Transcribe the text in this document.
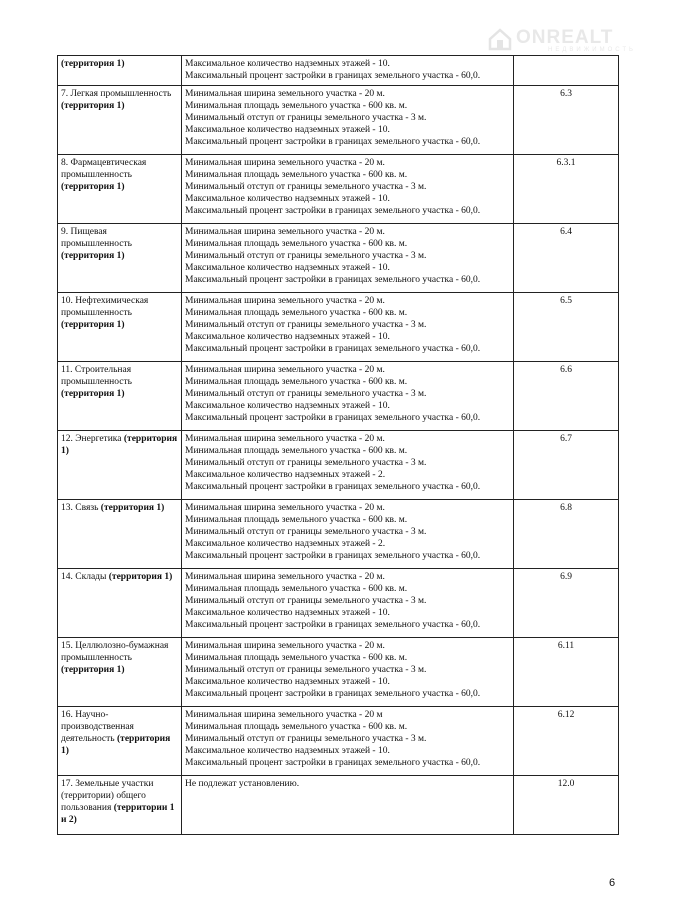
ONREALT
НЕДВИЖИМОСТЬ
(территория 1)	Максимальное количество надземных этажей - 10.
Максимальный процент застройки в границах земельного участка - 60,0.	

7. Легкая промышленность (территория 1)	Минимальная ширина земельного участка - 20 м.
Минимальная площадь земельного участка - 600 кв. м.
Минимальный отступ от границы земельного участка - 3 м.
Максимальное количество надземных этажей - 10.
Максимальный процент застройки в границах земельного участка - 60,0.	6.3
8. Фармацевтическая промышленность (территория 1)	Минимальная ширина земельного участка - 20 м.
Минимальная площадь земельного участка - 600 кв. м.
Минимальный отступ от границы земельного участка - 3 м.
Максимальное количество надземных этажей - 10.
Максимальный процент застройки в границах земельного участка - 60,0.	6.3.1
9. Пищевая промышленность (территория 1)	Минимальная ширина земельного участка - 20 м.
Минимальная площадь земельного участка - 600 кв. м.
Минимальный отступ от границы земельного участка - 3 м.
Максимальное количество надземных этажей - 10.
Максимальный процент застройки в границах земельного участка - 60,0.	6.4
10. Нефтехимическая промышленность (территория 1)	Минимальная ширина земельного участка - 20 м.
Минимальная площадь земельного участка - 600 кв. м.
Минимальный отступ от границы земельного участка - 3 м.
Максимальное количество надземных этажей - 10.
Максимальный процент застройки в границах земельного участка - 60,0.	6.5
11. Строительная промышленность (территория 1)	Минимальная ширина земельного участка - 20 м.
Минимальная площадь земельного участка - 600 кв. м.
Минимальный отступ от границы земельного участка - 3 м.
Максимальное количество надземных этажей - 10.
Максимальный процент застройки в границах земельного участка - 60,0.	6.6
12. Энергетика (территория 1)	Минимальная ширина земельного участка - 20 м.
Минимальная площадь земельного участка - 600 кв. м.
Минимальный отступ от границы земельного участка - 3 м.
Максимальное количество надземных этажей - 2.
Максимальный процент застройки в границах земельного участка - 60,0.	6.7
13. Связь (территория 1)	Минимальная ширина земельного участка - 20 м.
Минимальная площадь земельного участка - 600 кв. м.
Минимальный отступ от границы земельного участка - 3 м.
Максимальное количество надземных этажей - 2.
Максимальный процент застройки в границах земельного участка - 60,0.	6.8
14. Склады (территория 1)	Минимальная ширина земельного участка - 20 м.
Минимальная площадь земельного участка - 600 кв. м.
Минимальный отступ от границы земельного участка - 3 м.
Максимальное количество надземных этажей - 10.
Максимальный процент застройки в границах земельного участка - 60,0.	6.9
15. Целлюлозно-бумажная промышленность (территория 1)	Минимальная ширина земельного участка - 20 м.
Минимальная площадь земельного участка - 600 кв. м.
Минимальный отступ от границы земельного участка - 3 м.
Максимальное количество надземных этажей - 10.
Максимальный процент застройки в границах земельного участка - 60,0.	6.11
16. Научно-производственная деятельность (территория 1)	Минимальная ширина земельного участка - 20 м
Минимальная площадь земельного участка - 600 кв. м.
Минимальный отступ от границы земельного участка - 3 м.
Максимальное количество надземных этажей - 10.
Максимальный процент застройки в границах земельного участка - 60,0.	6.12
17. Земельные участки (территории) общего пользования (территории 1 и 2)	Не подлежат установлению.	12.0
6
